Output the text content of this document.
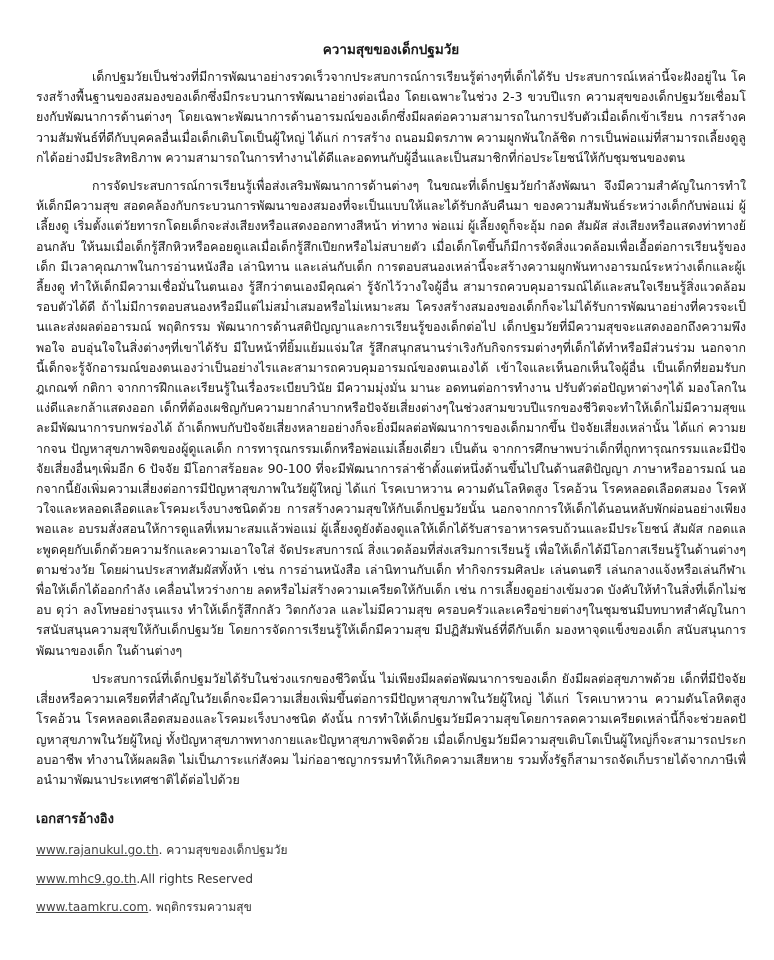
ความสุขของเด็กปฐมวัย

เด็กปฐมวัยเป็นช่วงที่มีการพัฒนาอย่างรวดเร็วจากประสบการณ์การเรียนรู้ต่างๆที่เด็กได้รับ ประสบการณ์เหล่านี้จะฝังอยู่ใน โครงสร้างพื้นฐานของสมองของเด็กซึ่งมีกระบวนการพัฒนาอย่างต่อเนื่อง โดยเฉพาะในช่วง 2-3 ขวบปีแรก ความสุขของเด็กปฐมวัยเชื่อมโยงกับพัฒนาการด้านต่างๆ โดยเฉพาะพัฒนาการด้านอารมณ์ของเด็กซึ่งมีผลต่อความสามารถในการปรับตัวเมื่อเด็กเข้าเรียน การสร้างความสัมพันธ์ที่ดีกับบุคคลอื่นเมื่อเด็กเติบโตเป็นผู้ใหญ่ ได้แก่ การสร้าง ถนอมมิตรภาพ ความผูกพันใกล้ชิด การเป็นพ่อแม่ที่สามารถเลี้ยงดูลูกได้อย่างมีประสิทธิภาพ ความสามารถในการทำงานได้ดีและอดทนกับผู้อื่นและเป็นสมาชิกที่ก่อประโยชน์ให้กับชุมชนของตน

การจัดประสบการณ์การเรียนรู้เพื่อส่งเสริมพัฒนาการด้านต่างๆ ในขณะที่เด็กปฐมวัยกำลังพัฒนา จึงมีความสำคัญในการทำให้เด็กมีความสุข สอดคล้องกับกระบวนการพัฒนาของสมองที่จะเป็นแบบให้และได้รับกลับคืนมา ของความสัมพันธ์ระหว่างเด็กกับพ่อแม่ ผู้เลี้ยงดู เริ่มตั้งแต่วัยทารกโดยเด็กจะส่งเสียงหรือแสดงออกทางสีหน้า ท่าทาง พ่อแม่ ผู้เลี้ยงดูก็จะอุ้ม กอด สัมผัส ส่งเสียงหรือแสดงท่าทางย้อนกลับ ให้นมเมื่อเด็กรู้สึกหิวหรือคอยดูแลเมื่อเด็กรู้สึกเปียกหรือไม่สบายตัว เมื่อเด็กโตขึ้นก็มีการจัดสิ่งแวดล้อมเพื่อเอื้อต่อการเรียนรู้ของเด็ก มีเวลาคุณภาพในการอ่านหนังสือ เล่านิทาน และเล่นกับเด็ก การตอบสนองเหล่านี้จะสร้างความผูกพันทางอารมณ์ระหว่างเด็กและผู้เลี้ยงดู ทำให้เด็กมีความเชื่อมั่นในตนเอง รู้สึกว่าตนเองมีคุณค่า รู้จักไว้วางใจผู้อื่น สามารถควบคุมอารมณ์ได้และสนใจเรียนรู้สิ่งแวดล้อมรอบตัวได้ดี ถ้าไม่มีการตอบสนองหรือมีแต่ไม่สม่ำเสมอหรือไม่เหมาะสม โครงสร้างสมองของเด็กก็จะไม่ได้รับการพัฒนาอย่างที่ควรจะเป็นและส่งผลต่ออารมณ์ พฤติกรรม พัฒนาการด้านสติปัญญาและการเรียนรู้ของเด็กต่อไป เด็กปฐมวัยที่มีความสุขจะแสดงออกถึงความพึงพอใจ อบอุ่นใจในสิ่งต่างๆที่เขาได้รับ มีใบหน้าที่ยิ้มแย้มแจ่มใส รู้สึกสนุกสนานร่าเริงกับกิจกรรมต่างๆที่เด็กได้ทำหรือมีส่วนร่วม นอกจากนี้เด็กจะรู้จักอารมณ์ของตนเองว่าเป็นอย่างไรและสามารถควบคุมอารมณ์ของตนเองได้ เข้าใจและเห็นอกเห็นใจผู้อื่น เป็นเด็กที่ยอมรับกฎเกณฑ์ กติกา จากการฝึกและเรียนรู้ในเรื่องระเบียบวินัย มีความมุ่งมั่น มานะ อดทนต่อการทำงาน ปรับตัวต่อปัญหาต่างๆได้ มองโลกในแง่ดีและกล้าแสดงออก เด็กที่ต้องเผชิญกับความยากลำบากหรือปัจจัยเสี่ยงต่างๆในช่วงสามขวบปีแรกของชีวิตจะทำให้เด็กไม่มีความสุขและมีพัฒนาการบกพร่องได้ ถ้าเด็กพบกับปัจจัยเสี่ยงหลายอย่างก็จะยิ่งมีผลต่อพัฒนาการของเด็กมากขึ้น ปัจจัยเสี่ยงเหล่านั้น ได้แก่ ความยากจน ปัญหาสุขภาพจิตของผู้ดูแลเด็ก การทารุณกรรมเด็กหรือพ่อแม่เลี้ยงเดี่ยว เป็นต้น จากการศึกษาพบว่าเด็กที่ถูกทารุณกรรมและมีปัจจัยเสี่ยงอื่นๆเพิ่มอีก 6 ปัจจัย มีโอกาสร้อยละ 90-100 ที่จะมีพัฒนาการล่าช้าตั้งแต่หนึ่งด้านขึ้นไปในด้านสติปัญญา ภาษาหรืออารมณ์ นอกจากนี้ยังเพิ่มความเสี่ยงต่อการมีปัญหาสุขภาพในวัยผู้ใหญ่ ได้แก่ โรคเบาหวาน ความดันโลหิตสูง โรคอ้วน โรคหลอดเลือดสมอง โรคหัวใจและหลอดเลือดและโรคมะเร็งบางชนิดด้วย การสร้างความสุขให้กับเด็กปฐมวัยนั้น นอกจากการให้เด็กได้นอนหลับพักผ่อนอย่างเพียงพอและ อบรมสั่งสอนให้การดูแลที่เหมาะสมแล้วพ่อแม่ ผู้เลี้ยงดูยังต้องดูแลให้เด็กได้รับสารอาหารครบถ้วนและมีประโยชน์ สัมผัส กอดและพูดคุยกับเด็กด้วยความรักและความเอาใจใส่ จัดประสบการณ์ สิ่งแวดล้อมที่ส่งเสริมการเรียนรู้ เพื่อให้เด็กได้มีโอกาสเรียนรู้ในด้านต่างๆตามช่วงวัย โดยผ่านประสาทสัมผัสทั้งห้า เช่น การอ่านหนังสือ เล่านิทานกับเด็ก ทำกิจกรรมศิลปะ เล่นดนตรี เล่นกลางแจ้งหรือเล่นกีฬาเพื่อให้เด็กได้ออกกำลัง เคลื่อนไหวร่างกาย ลดหรือไม่สร้างความเครียดให้กับเด็ก เช่น การเลี้ยงดูอย่างเข้มงวด บังคับให้ทำในสิ่งที่เด็กไม่ชอบ ดุว่า ลงโทษอย่างรุนแรง ทำให้เด็กรู้สึกกลัว วิตกกังวล และไม่มีความสุข ครอบครัวและเครือข่ายต่างๆในชุมชนมีบทบาทสำคัญในการสนับสนุนความสุขให้กับเด็กปฐมวัย โดยการจัดการเรียนรู้ให้เด็กมีความสุข มีปฏิสัมพันธ์ที่ดีกับเด็ก มองหาจุดแข็งของเด็ก สนับสนุนการพัฒนาของเด็ก ในด้านต่างๆ

ประสบการณ์ที่เด็กปฐมวัยได้รับในช่วงแรกของชีวิตนั้น ไม่เพียงมีผลต่อพัฒนาการของเด็ก ยังมีผลต่อสุขภาพด้วย เด็กที่มีปัจจัยเสี่ยงหรือความเครียดที่สำคัญในวัยเด็กจะมีความเสี่ยงเพิ่มขึ้นต่อการมีปัญหาสุขภาพในวัยผู้ใหญ่ ได้แก่ โรคเบาหวาน ความดันโลหิตสูง โรคอ้วน โรคหลอดเลือดสมองและโรคมะเร็งบางชนิด ดังนั้น การทำให้เด็กปฐมวัยมีความสุขโดยการลดความเครียดเหล่านี้ก็จะช่วยลดปัญหาสุขภาพในวัยผู้ใหญ่ ทั้งปัญหาสุขภาพทางกายและปัญหาสุขภาพจิตด้วย เมื่อเด็กปฐมวัยมีความสุขเติบโตเป็นผู้ใหญ่ก็จะสามารถประกอบอาชีพ ทำงานให้ผลผลิต ไม่เป็นภาระแก่สังคม ไม่ก่ออาชญากรรมทำให้เกิดความเสียหาย รวมทั้งรัฐก็สามารถจัดเก็บรายได้จากภาษีเพื่อนำมาพัฒนาประเทศชาติได้ต่อไปด้วย

เอกสารอ้างอิง
www.rajanukul.go.th. ความสุขของเด็กปฐมวัย
www.mhc9.go.th.All rights Reserved
www.taamkru.com. พฤติกรรมความสุข
